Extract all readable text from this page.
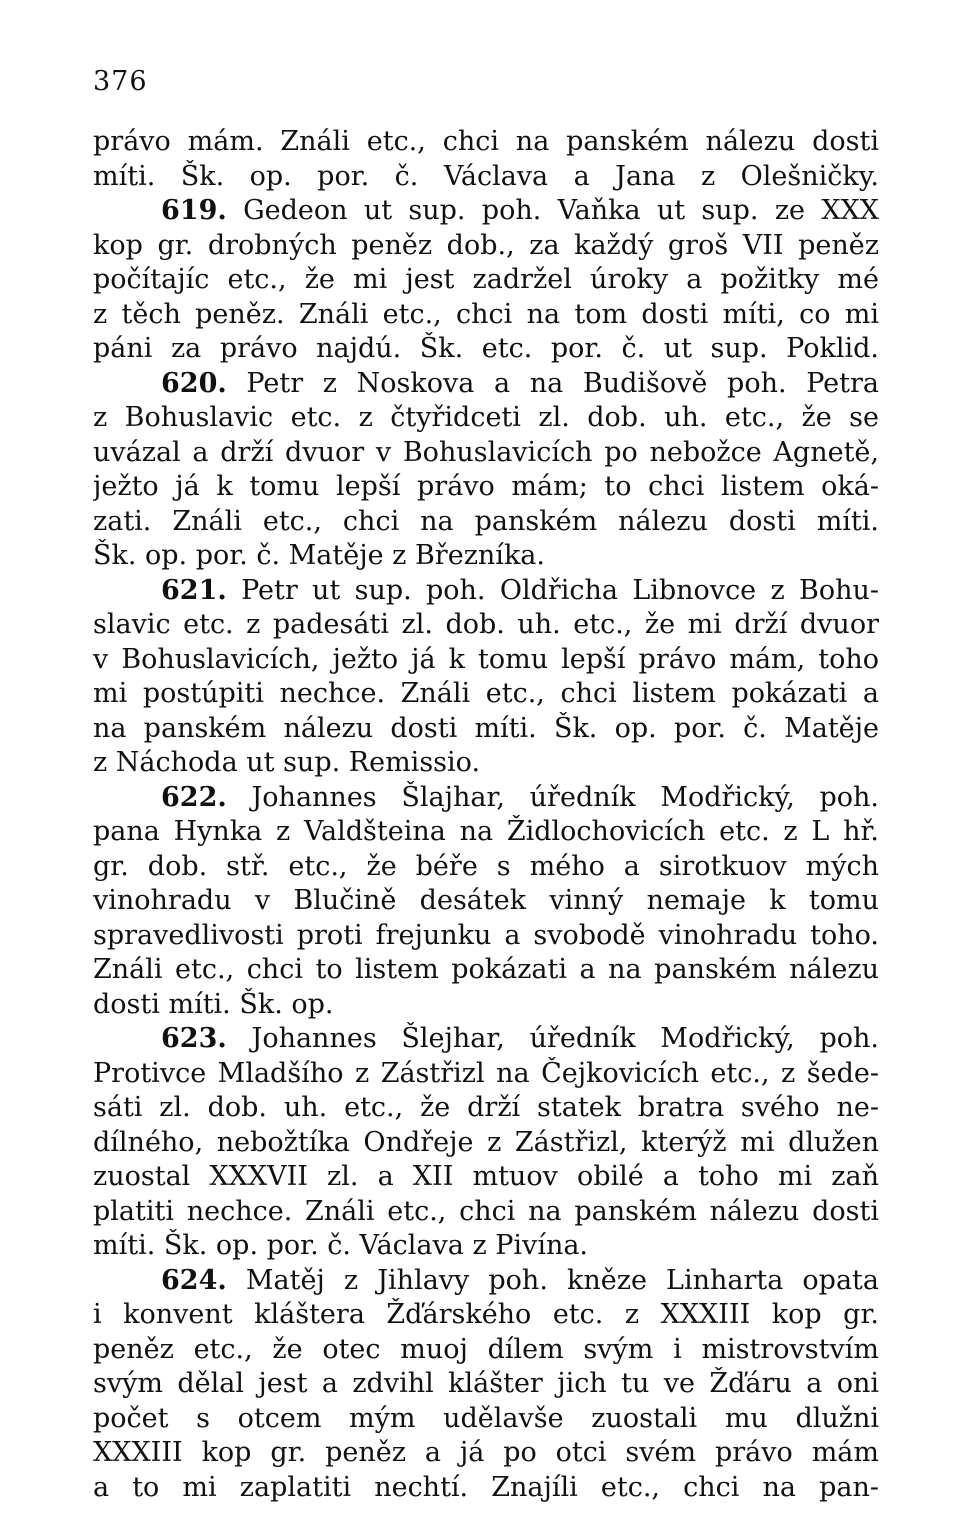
376
právo mám. Ználi etc., chci na panském nálezu dosti
míti. Šk. op. por. č. Václava a Jana z Olešničky.
619. Gedeon ut sup. poh. Vaňka ut sup. ze XXX
kop gr. drobných peněz dob., za každý groš VII peněz
počítajíc etc., že mi jest zadržel úroky a požitky mé
z těch peněz. Ználi etc., chci na tom dosti míti, co mi
páni za právo najdú. Šk. etc. por. č. ut sup. Poklid.
620. Petr z Noskova a na Budišově poh. Petra
z Bohuslavic etc. z čtyřidceti zl. dob. uh. etc., že se
uvázal a drží dvuor v Bohuslavicích po nebožce Agnetě,
ježto já k tomu lepší právo mám; to chci listem oká-
zati. Ználi etc., chci na panském nálezu dosti míti.
Šk. op. por. č. Matěje z Březníka.
621. Petr ut sup. poh. Oldřicha Libnovce z Bohu-
slavic etc. z padesáti zl. dob. uh. etc., že mi drží dvuor
v Bohuslavicích, ježto já k tomu lepší právo mám, toho
mi postúpiti nechce. Ználi etc., chci listem pokázati a
na panském nálezu dosti míti. Šk. op. por. č. Matěje
z Náchoda ut sup. Remissio.
622. Johannes Šlajhar, úředník Modřický, poh.
pana Hynka z Valdšteina na Židlochovicích etc. z L hř.
gr. dob. stř. etc., že béře s mého a sirotkuov mých
vinohradu v Blučině desátek vinný nemaje k tomu
spravedlivosti proti frejunku a svobodě vinohradu toho.
Ználi etc., chci to listem pokázati a na panském nálezu
dosti míti. Šk. op.
623. Johannes Šlejhar, úředník Modřický, poh.
Protivce Mladšího z Zástřizl na Čejkovicích etc., z šede-
sáti zl. dob. uh. etc., že drží statek bratra svého ne-
dílného, nebožtíka Ondřeje z Zástřizl, kterýž mi dlužen
zuostal XXXVII zl. a XII mtuov obilé a toho mi zaň
platiti nechce. Ználi etc., chci na panském nálezu dosti
míti. Šk. op. por. č. Václava z Pivína.
624. Matěj z Jihlavy poh. kněze Linharta opata
i konvent kláštera Žďárského etc. z XXXIII kop gr.
peněz etc., že otec muoj dílem svým i mistrovstvím
svým dělal jest a zdvihl klášter jich tu ve Žďáru a oni
počet s otcem mým udělavše zuostali mu dlužni
XXXIII kop gr. peněz a já po otci svém právo mám
a to mi zaplatiti nechtí. Znajíli etc., chci na pan-
